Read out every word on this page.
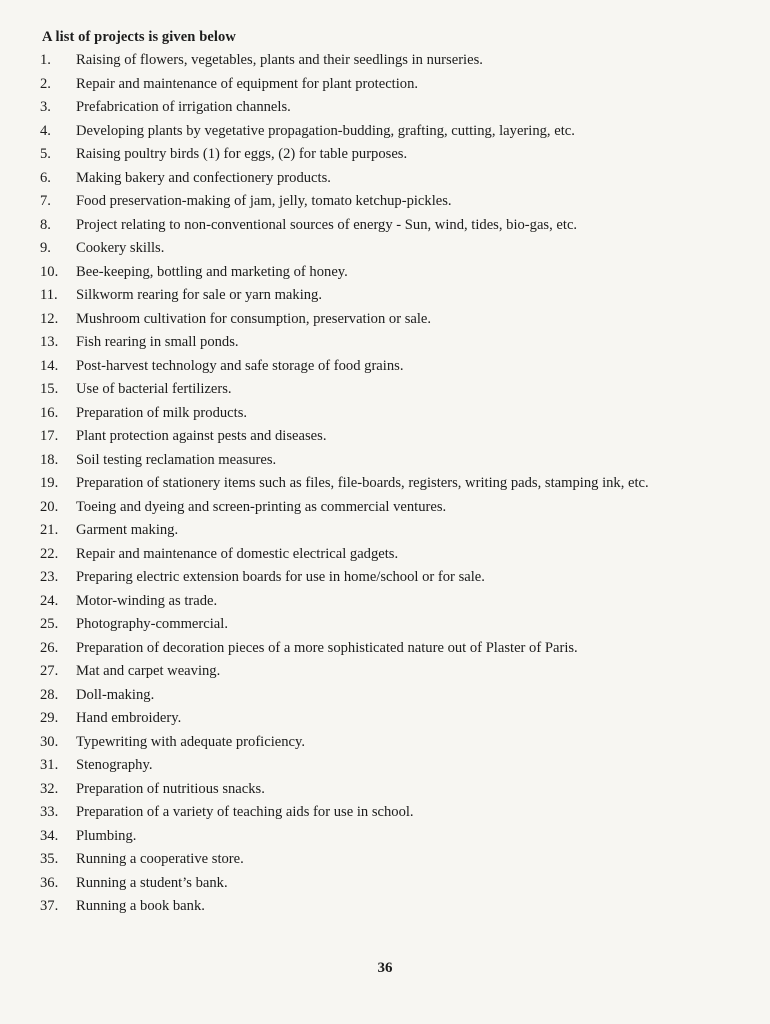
A list of projects is given below
1.	Raising of flowers, vegetables, plants and their seedlings in nurseries.
2.	Repair and maintenance of equipment for plant protection.
3.	Prefabrication of irrigation channels.
4.	Developing plants by vegetative propagation-budding, grafting, cutting, layering, etc.
5.	Raising poultry birds (1) for eggs, (2) for table purposes.
6.	Making bakery and confectionery products.
7.	Food preservation-making of jam, jelly, tomato ketchup-pickles.
8.	Project relating to non-conventional sources of energy - Sun, wind, tides, bio-gas, etc.
9.	Cookery skills.
10.	Bee-keeping, bottling and marketing of honey.
11.	Silkworm rearing for sale or yarn making.
12.	Mushroom cultivation for consumption, preservation or sale.
13.	Fish rearing in small ponds.
14.	Post-harvest technology and safe storage of food grains.
15.	Use of bacterial fertilizers.
16.	Preparation of milk products.
17.	Plant protection against pests and diseases.
18.	Soil testing reclamation measures.
19.	Preparation of stationery items such as files, file-boards, registers, writing pads, stamping ink, etc.
20.	Toeing and dyeing and screen-printing as commercial ventures.
21.	Garment making.
22.	Repair and maintenance of domestic electrical gadgets.
23.	Preparing electric extension boards for use in home/school or for sale.
24.	Motor-winding as trade.
25.	Photography-commercial.
26.	Preparation of decoration pieces of a more sophisticated nature out of Plaster of Paris.
27.	Mat and carpet weaving.
28.	Doll-making.
29.	Hand embroidery.
30.	Typewriting with adequate proficiency.
31.	Stenography.
32.	Preparation of nutritious snacks.
33.	Preparation of a variety of teaching aids for use in school.
34.	Plumbing.
35.	Running a cooperative store.
36.	Running a student’s bank.
37.	Running a book bank.
36
